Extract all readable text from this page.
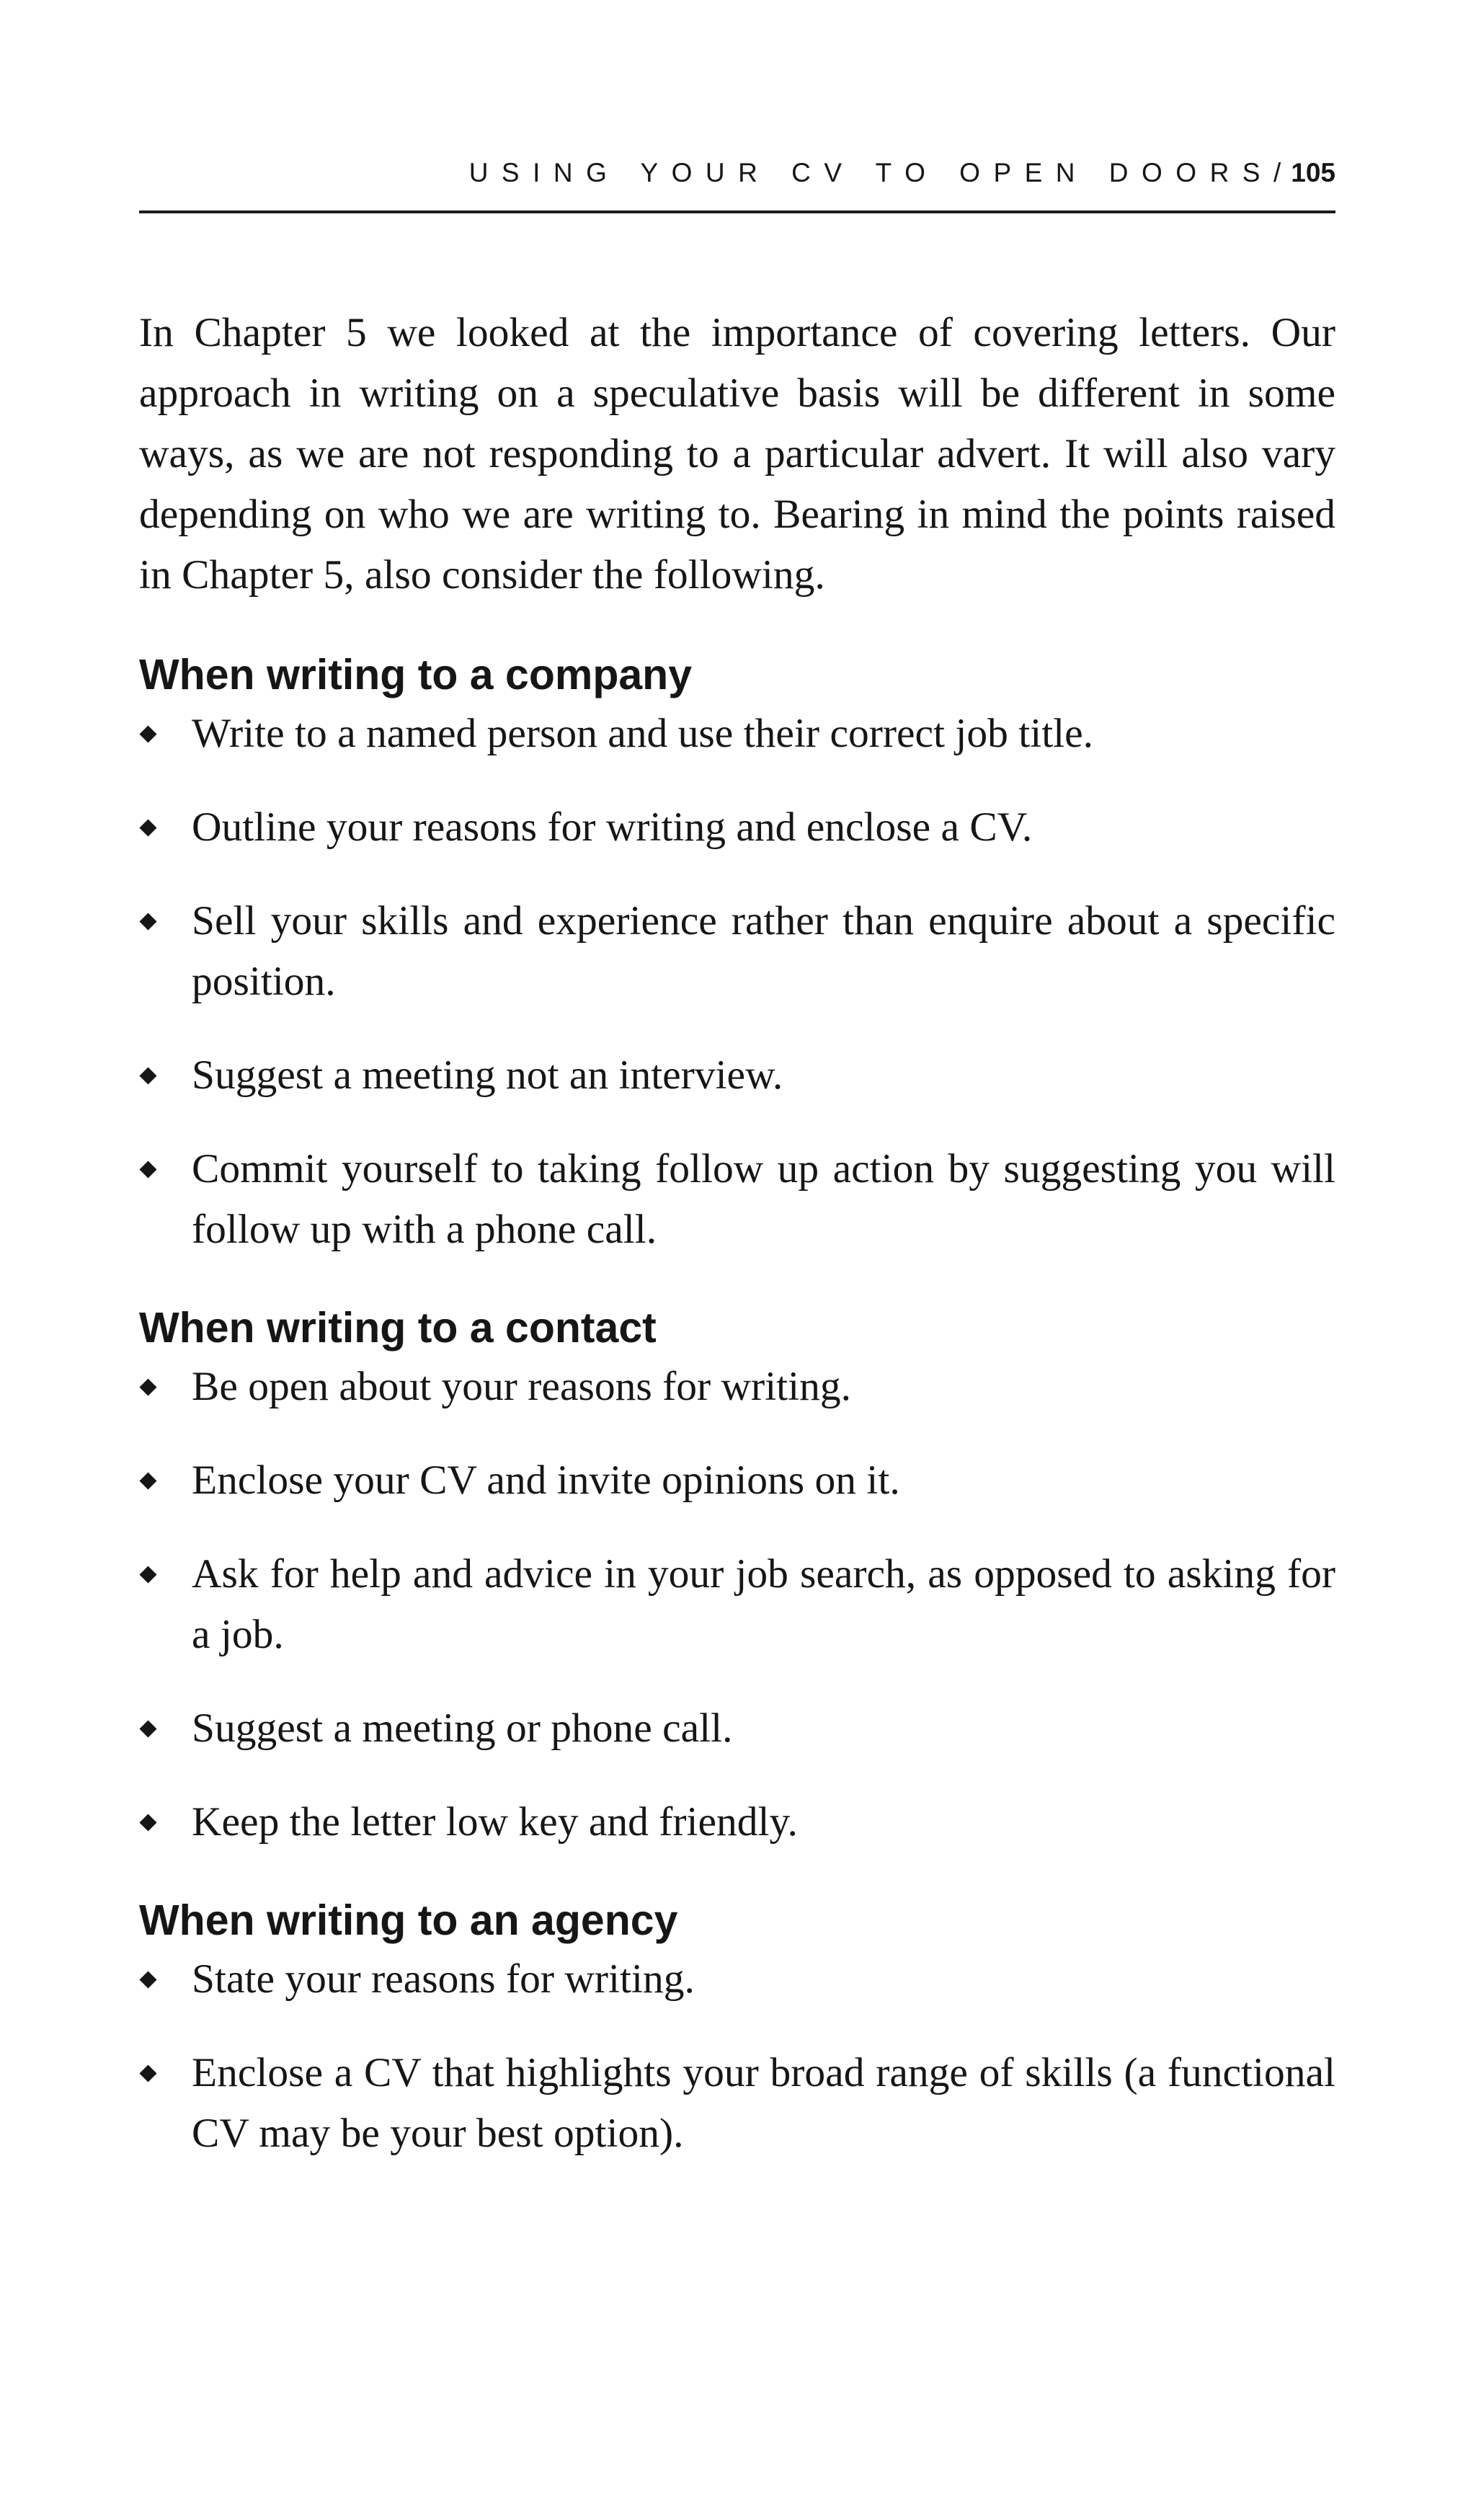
USING YOUR CV TO OPEN DOORS/ 105

In Chapter 5 we looked at the importance of covering letters. Our approach in writing on a speculative basis will be different in some ways, as we are not responding to a particular advert. It will also vary depending on who we are writing to. Bearing in mind the points raised in Chapter 5, also consider the following.

When writing to a company
Write to a named person and use their correct job title.
Outline your reasons for writing and enclose a CV.
Sell your skills and experience rather than enquire about a specific position.
Suggest a meeting not an interview.
Commit yourself to taking follow up action by suggesting you will follow up with a phone call.
When writing to a contact
Be open about your reasons for writing.
Enclose your CV and invite opinions on it.
Ask for help and advice in your job search, as opposed to asking for a job.
Suggest a meeting or phone call.
Keep the letter low key and friendly.
When writing to an agency
State your reasons for writing.
Enclose a CV that highlights your broad range of skills (a functional CV may be your best option).
